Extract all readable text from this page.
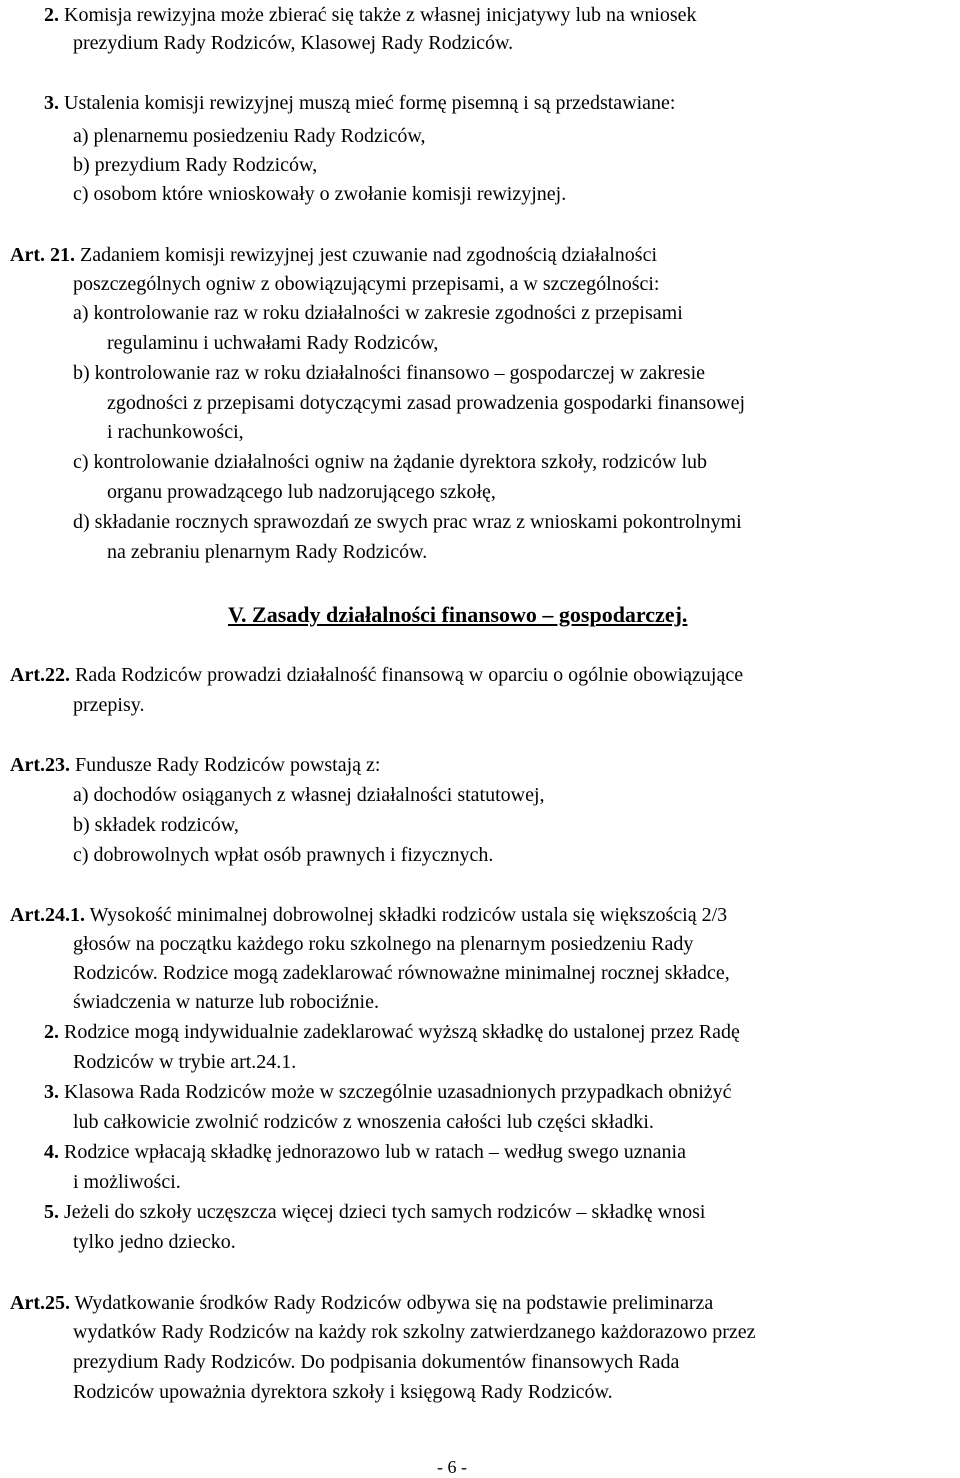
2. Komisja rewizyjna może zbierać się także z własnej inicjatywy lub na wniosek
prezydium Rady Rodziców, Klasowej Rady Rodziców.
3. Ustalenia komisji rewizyjnej muszą mieć formę pisemną i są przedstawiane:
a) plenarnemu posiedzeniu Rady Rodziców,
b) prezydium Rady Rodziców,
c) osobom które wnioskowały o zwołanie komisji rewizyjnej.
Art. 21. Zadaniem komisji rewizyjnej jest czuwanie nad zgodnością działalności
poszczególnych ogniw z obowiązującymi przepisami, a w szczególności:
a) kontrolowanie raz w roku działalności w zakresie zgodności z przepisami
regulaminu i uchwałami Rady Rodziców,
b) kontrolowanie raz w roku działalności finansowo – gospodarczej w zakresie
zgodności z przepisami dotyczącymi zasad prowadzenia gospodarki finansowej
i rachunkowości,
c) kontrolowanie działalności ogniw na żądanie dyrektora szkoły, rodziców lub
organu prowadzącego lub nadzorującego szkołę,
d) składanie rocznych sprawozdań ze swych prac wraz z wnioskami pokontrolnymi
na zebraniu plenarnym Rady Rodziców.
V. Zasady działalności finansowo – gospodarczej.
Art.22. Rada Rodziców prowadzi działalność finansową w oparciu o ogólnie obowiązujące
przepisy.
Art.23. Fundusze Rady Rodziców powstają z:
a) dochodów osiąganych z własnej działalności statutowej,
b) składek rodziców,
c) dobrowolnych wpłat osób prawnych i fizycznych.
Art.24.1. Wysokość minimalnej dobrowolnej składki rodziców ustala się większością 2/3
głosów na początku każdego roku szkolnego na plenarnym posiedzeniu Rady
Rodziców. Rodzice mogą zadeklarować równoważne minimalnej rocznej składce,
świadczenia w naturze lub robociźnie.
2. Rodzice mogą indywidualnie zadeklarować wyższą składkę do ustalonej przez Radę
Rodziców w trybie art.24.1.
3. Klasowa Rada Rodziców może w szczególnie uzasadnionych przypadkach obniżyć
lub całkowicie zwolnić rodziców z wnoszenia całości lub części składki.
4. Rodzice wpłacają składkę jednorazowo lub w ratach – według swego uznania
i możliwości.
5. Jeżeli do szkoły uczęszcza więcej dzieci tych samych rodziców – składkę wnosi
tylko jedno dziecko.
Art.25. Wydatkowanie środków Rady Rodziców odbywa się na podstawie preliminarza
wydatków Rady Rodziców na każdy rok szkolny zatwierdzanego każdorazowo przez
prezydium Rady Rodziców. Do podpisania dokumentów finansowych Rada
Rodziców upoważnia dyrektora szkoły i księgową Rady Rodziców.
- 6 -
